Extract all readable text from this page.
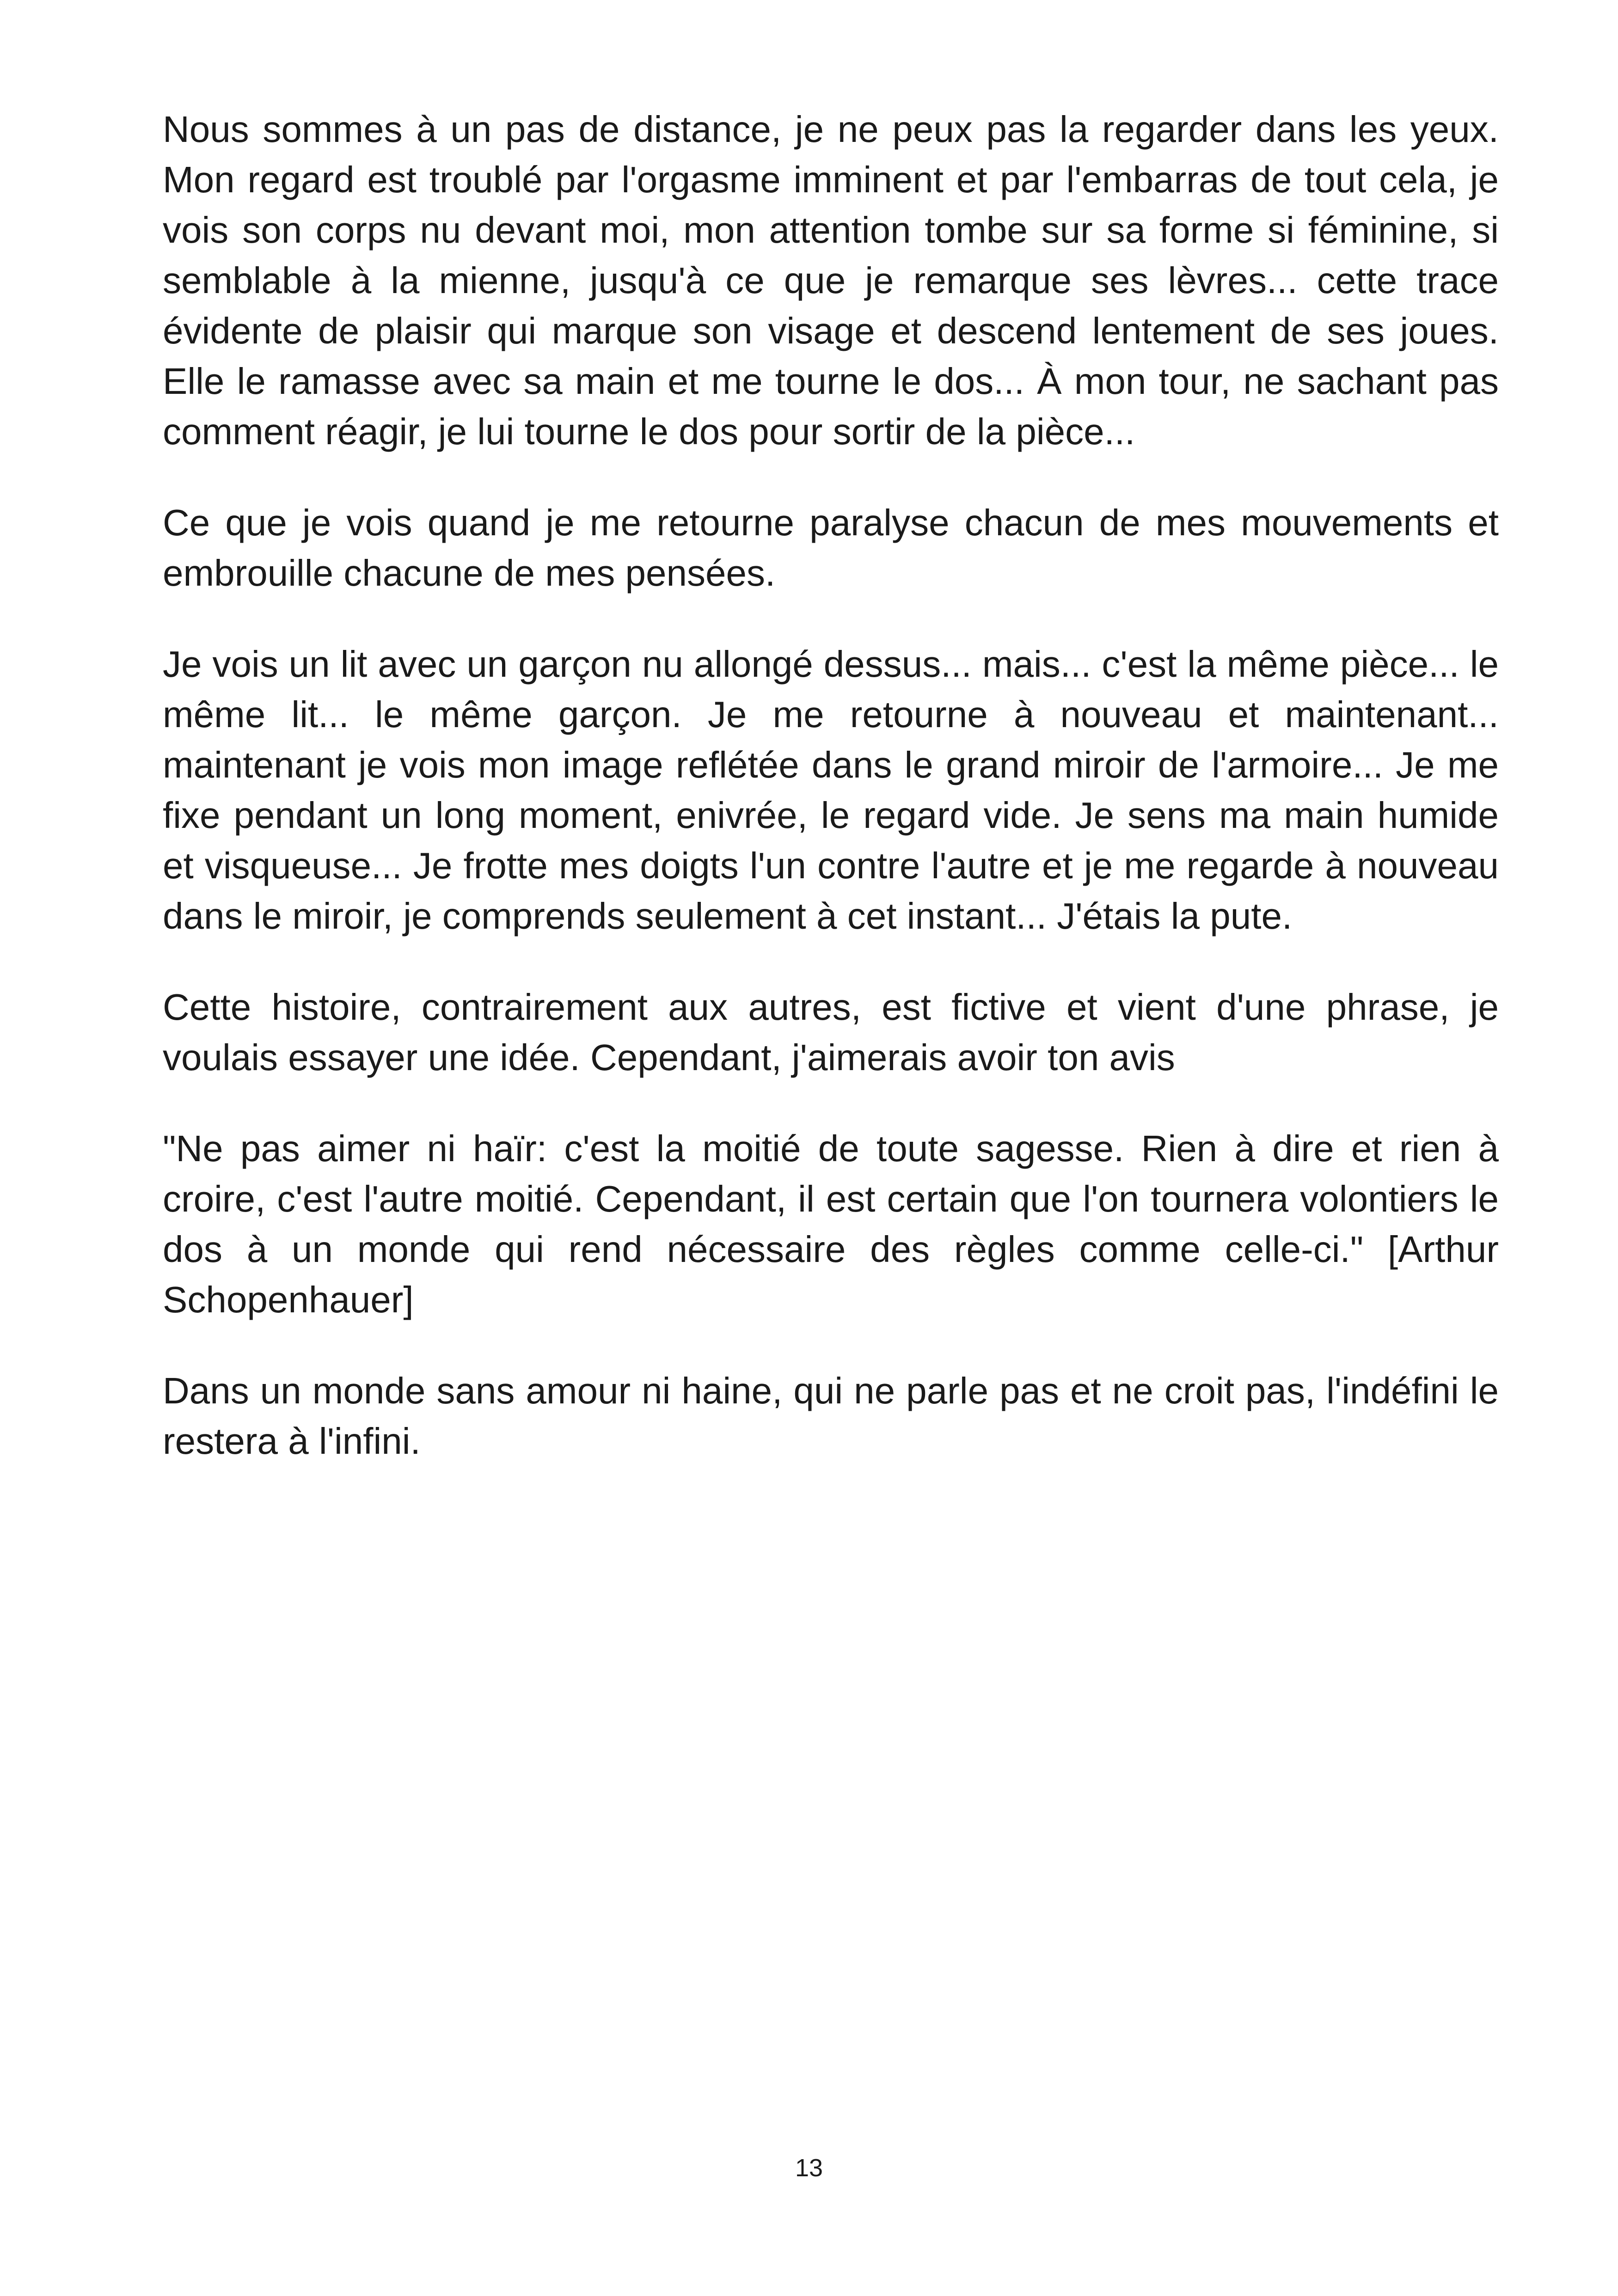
Nous sommes à un pas de distance, je ne peux pas la regarder dans les yeux. Mon regard est troublé par l'orgasme imminent et par l'embarras de tout cela, je vois son corps nu devant moi, mon attention tombe sur sa forme si féminine, si semblable à la mienne, jusqu'à ce que je remarque ses lèvres... cette trace évidente de plaisir qui marque son visage et descend lentement de ses joues. Elle le ramasse avec sa main et me tourne le dos... À mon tour, ne sachant pas comment réagir, je lui tourne le dos pour sortir de la pièce...

Ce que je vois quand je me retourne paralyse chacun de mes mouvements et embrouille chacune de mes pensées.

Je vois un lit avec un garçon nu allongé dessus... mais... c'est la même pièce... le même lit... le même garçon. Je me retourne à nouveau et maintenant... maintenant je vois mon image reflétée dans le grand miroir de l'armoire... Je me fixe pendant un long moment, enivrée, le regard vide. Je sens ma main humide et visqueuse... Je frotte mes doigts l'un contre l'autre et je me regarde à nouveau dans le miroir, je comprends seulement à cet instant... J'étais la pute.

Cette histoire, contrairement aux autres, est fictive et vient d'une phrase, je voulais essayer une idée. Cependant, j'aimerais avoir ton avis

"Ne pas aimer ni haïr: c'est la moitié de toute sagesse. Rien à dire et rien à croire, c'est l'autre moitié. Cependant, il est certain que l'on tournera volontiers le dos à un monde qui rend nécessaire des règles comme celle-ci." [Arthur Schopenhauer]

Dans un monde sans amour ni haine, qui ne parle pas et ne croit pas, l'indéfini le restera à l'infini.

13
